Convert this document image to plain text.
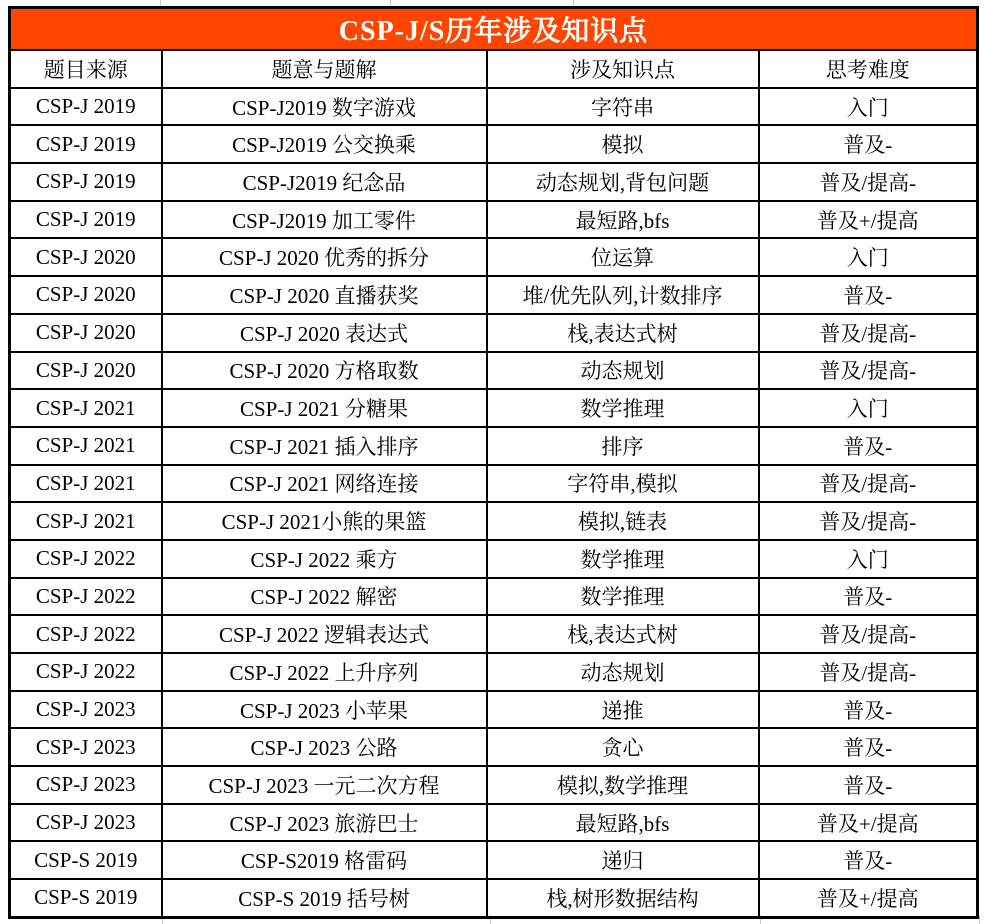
CSP-J/S历年涉及知识点			
题目来源	题意与题解	涉及知识点	思考难度
CSP-J 2019	CSP-J2019 数字游戏	字符串	入门
CSP-J 2019	CSP-J2019 公交换乘	模拟	普及-
CSP-J 2019	CSP-J2019 纪念品	动态规划,背包问题	普及/提高-
CSP-J 2019	CSP-J2019 加工零件	最短路,bfs	普及+/提高
CSP-J 2020	CSP-J 2020 优秀的拆分	位运算	入门
CSP-J 2020	CSP-J 2020 直播获奖	堆/优先队列,计数排序	普及-
CSP-J 2020	CSP-J 2020 表达式	栈,表达式树	普及/提高-
CSP-J 2020	CSP-J 2020 方格取数	动态规划	普及/提高-
CSP-J 2021	CSP-J 2021 分糖果	数学推理	入门
CSP-J 2021	CSP-J 2021 插入排序	排序	普及-
CSP-J 2021	CSP-J 2021 网络连接	字符串,模拟	普及/提高-
CSP-J 2021	CSP-J 2021小熊的果篮	模拟,链表	普及/提高-
CSP-J 2022	CSP-J 2022 乘方	数学推理	入门
CSP-J 2022	CSP-J 2022 解密	数学推理	普及-
CSP-J 2022	CSP-J 2022 逻辑表达式	栈,表达式树	普及/提高-
CSP-J 2022	CSP-J 2022 上升序列	动态规划	普及/提高-
CSP-J 2023	CSP-J 2023 小苹果	递推	普及-
CSP-J 2023	CSP-J 2023 公路	贪心	普及-
CSP-J 2023	CSP-J 2023 一元二次方程	模拟,数学推理	普及-
CSP-J 2023	CSP-J 2023 旅游巴士	最短路,bfs	普及+/提高
CSP-S 2019	CSP-S2019 格雷码	递归	普及-
CSP-S 2019	CSP-S 2019 括号树	栈,树形数据结构	普及+/提高
